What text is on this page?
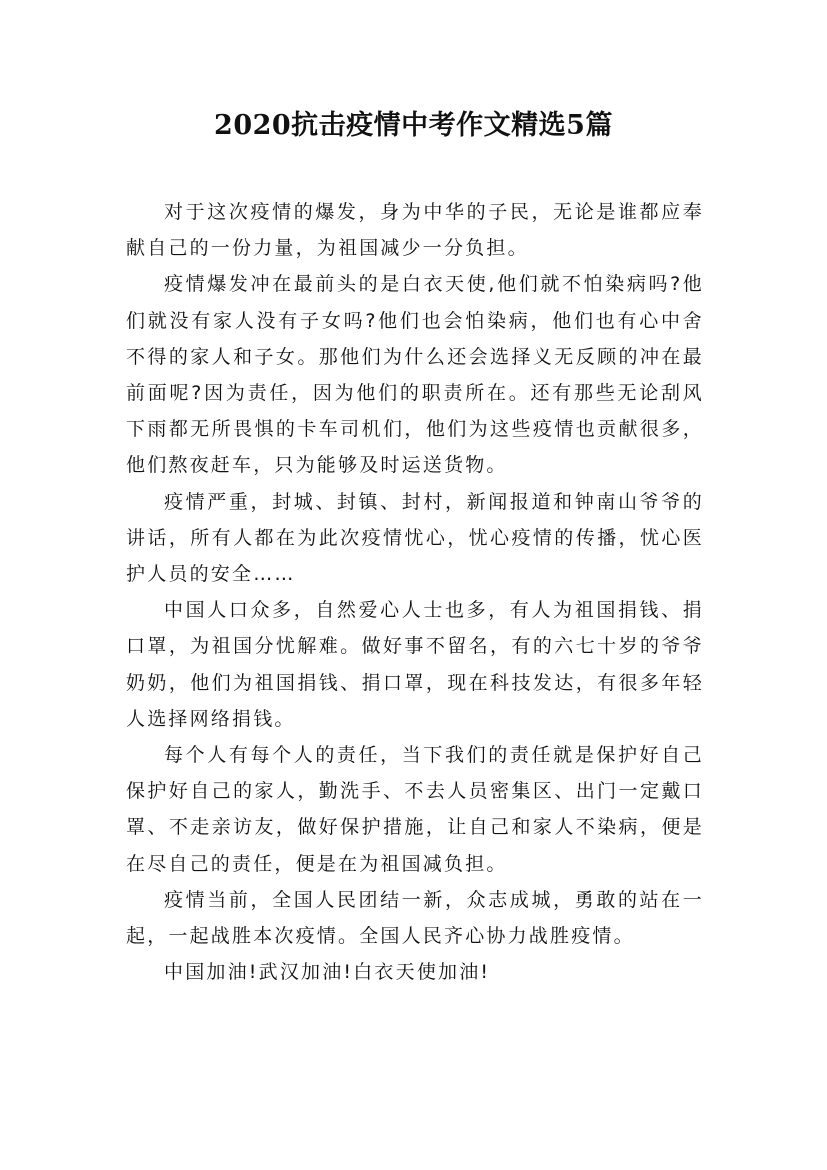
2020抗击疫情中考作文精选5篇

对于这次疫情的爆发，身为中华的子民，无论是谁都应奉献自己的一份力量，为祖国减少一分负担。

疫情爆发冲在最前头的是白衣天使,他们就不怕染病吗?他们就没有家人没有子女吗?他们也会怕染病，他们也有心中舍不得的家人和子女。那他们为什么还会选择义无反顾的冲在最前面呢?因为责任，因为他们的职责所在。还有那些无论刮风下雨都无所畏惧的卡车司机们，他们为这些疫情也贡献很多，他们熬夜赶车，只为能够及时运送货物。

疫情严重，封城、封镇、封村，新闻报道和钟南山爷爷的讲话，所有人都在为此次疫情忧心，忧心疫情的传播，忧心医护人员的安全……

中国人口众多，自然爱心人士也多，有人为祖国捐钱、捐口罩，为祖国分忧解难。做好事不留名，有的六七十岁的爷爷奶奶，他们为祖国捐钱、捐口罩，现在科技发达，有很多年轻人选择网络捐钱。

每个人有每个人的责任，当下我们的责任就是保护好自己保护好自己的家人，勤洗手、不去人员密集区、出门一定戴口罩、不走亲访友，做好保护措施，让自己和家人不染病，便是在尽自己的责任，便是在为祖国减负担。

疫情当前，全国人民团结一新，众志成城，勇敢的站在一起，一起战胜本次疫情。全国人民齐心协力战胜疫情。

中国加油!武汉加油!白衣天使加油!
